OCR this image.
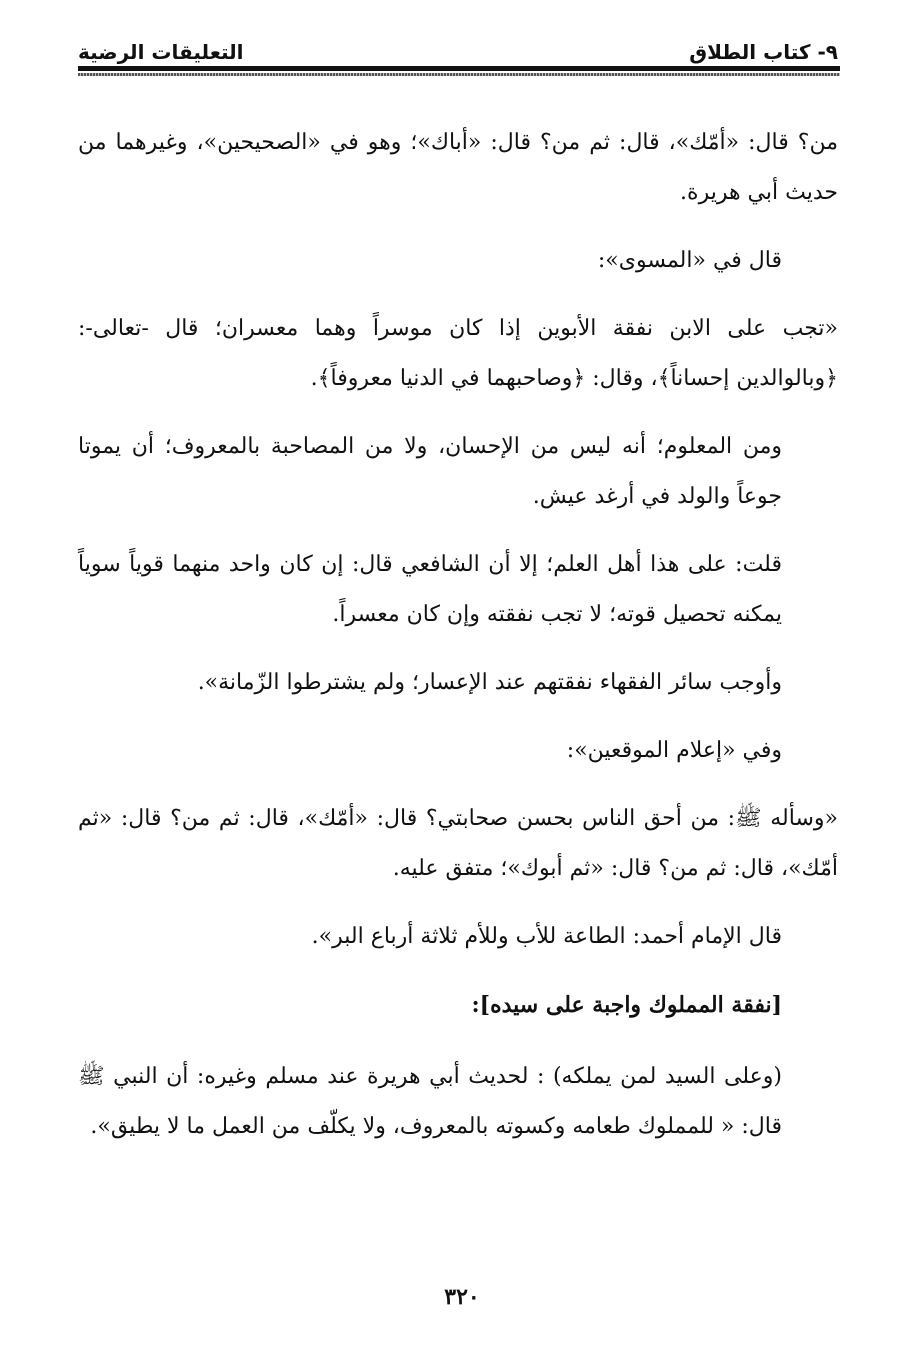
٩- كتاب الطلاق
التعليقات الرضية

من؟ قال: «أمّك»، قال: ثم من؟ قال: «أباك»؛ وهو في «الصحيحين»، وغيرهما من حديث أبي هريرة.

قال في «المسوى»:

«تجب على الابن نفقة الأبوين إذا كان موسراً وهما معسران؛ قال -تعالى-: ﴿وبالوالدين إحساناً﴾، وقال: ﴿وصاحبهما في الدنيا معروفاً﴾.

ومن المعلوم؛ أنه ليس من الإحسان، ولا من المصاحبة بالمعروف؛ أن يموتا جوعاً والولد في أرغد عيش.

قلت: على هذا أهل العلم؛ إلا أن الشافعي قال: إن كان واحد منهما قوياً سوياً يمكنه تحصيل قوته؛ لا تجب نفقته وإن كان معسراً.

وأوجب سائر الفقهاء نفقتهم عند الإعسار؛ ولم يشترطوا الزّمانة».

وفي «إعلام الموقعين»:

«وسأله ﷺ: من أحق الناس بحسن صحابتي؟ قال: «أمّك»، قال: ثم من؟ قال: «ثم أمّك»، قال: ثم من؟ قال: «ثم أبوك»؛ متفق عليه.

قال الإمام أحمد: الطاعة للأب وللأم ثلاثة أرباع البر».

[نفقة المملوك واجبة على سيده]:

(وعلى السيد لمن يملكه) : لحديث أبي هريرة عند مسلم وغيره: أن النبي ﷺ قال: « للمملوك طعامه وكسوته بالمعروف، ولا يكلّف من العمل ما لا يطيق».

٣٢٠
